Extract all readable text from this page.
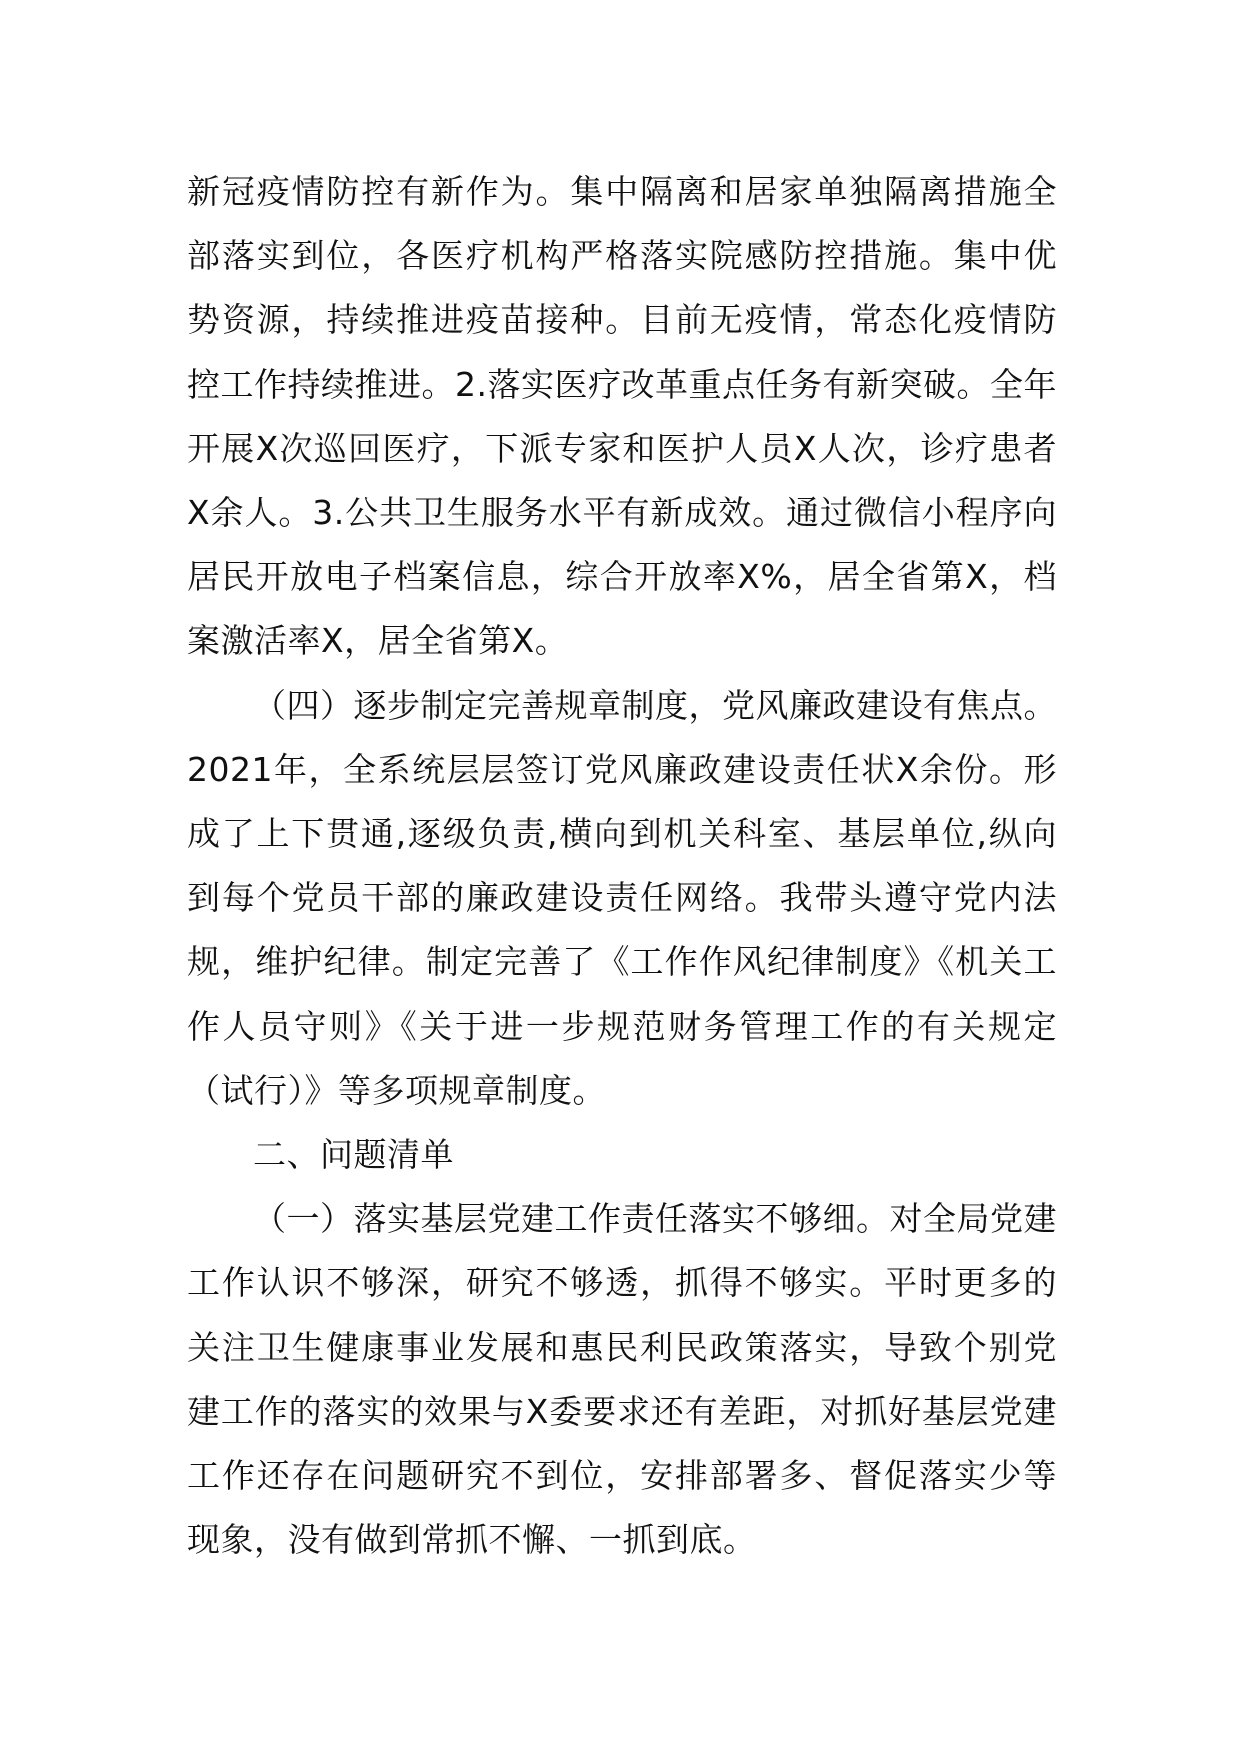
新冠疫情防控有新作为。集中隔离和居家单独隔离措施全部落实到位，各医疗机构严格落实院感防控措施。集中优势资源，持续推进疫苗接种。目前无疫情，常态化疫情防控工作持续推进。2.落实医疗改革重点任务有新突破。全年开展X次巡回医疗，下派专家和医护人员X人次，诊疗患者X余人。3.公共卫生服务水平有新成效。通过微信小程序向居民开放电子档案信息，综合开放率X%，居全省第X，档案激活率X，居全省第X。

（四）逐步制定完善规章制度，党风廉政建设有焦点。2021年，全系统层层签订党风廉政建设责任状X余份。形成了上下贯通,逐级负责,横向到机关科室、基层单位,纵向到每个党员干部的廉政建设责任网络。我带头遵守党内法规，维护纪律。制定完善了《工作作风纪律制度》《机关工作人员守则》《关于进一步规范财务管理工作的有关规定（试行）》等多项规章制度。

二、问题清单

（一）落实基层党建工作责任落实不够细。对全局党建工作认识不够深，研究不够透，抓得不够实。平时更多的关注卫生健康事业发展和惠民利民政策落实，导致个别党建工作的落实的效果与X委要求还有差距，对抓好基层党建工作还存在问题研究不到位，安排部署多、督促落实少等现象，没有做到常抓不懈、一抓到底。
